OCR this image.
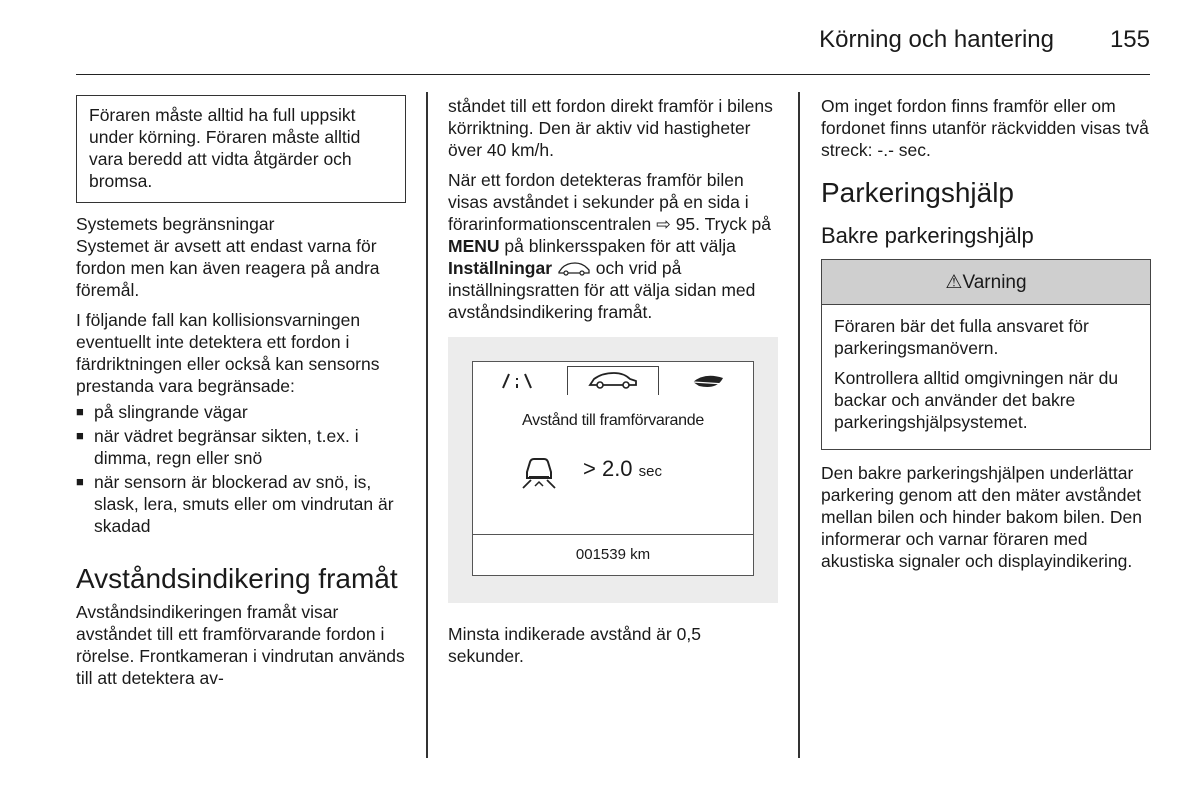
Körning och hantering 155

Föraren måste alltid ha full uppsikt under körning. Föraren måste alltid vara beredd att vidta åtgärder och bromsa.

Systemets begränsningar

Systemet är avsett att endast varna för fordon men kan även reagera på andra föremål.

I följande fall kan kollisionsvarningen eventuellt inte detektera ett fordon i färdriktningen eller också kan sensorns prestanda vara begränsade:

■ på slingrande vägar
■ när vädret begränsar sikten, t.ex. i dimma, regn eller snö
■ när sensorn är blockerad av snö, is, slask, lera, smuts eller om vindrutan är skadad
Avståndsindikering framåt

Avståndsindikeringen framåt visar avståndet till ett framförvarande fordon i rörelse. Frontkameran i vindrutan används till att detektera av-

ståndet till ett fordon direkt framför i bilens körriktning. Den är aktiv vid hastigheter över 40 km/h.

När ett fordon detekteras framför bilen visas avståndet i sekunder på en sida i förarinformationscentralen ⇨ 95. Tryck på MENU på blinkersspaken för att välja Inställningar  och vrid på inställningsratten för att välja sidan med avståndsindikering framåt.

Avstånd till framförvarande
> 2.0 sec
001539 km

Minsta indikerade avstånd är 0,5 sekunder.

Om inget fordon finns framför eller om fordonet finns utanför räckvidden visas två streck: -.- sec.

Parkeringshjälp
Bakre parkeringshjälp
⚠Varning

Föraren bär det fulla ansvaret för parkeringsmanövern.

Kontrollera alltid omgivningen när du backar och använder det bakre parkeringshjälpsystemet.

Den bakre parkeringshjälpen underlättar parkering genom att den mäter avståndet mellan bilen och hinder bakom bilen. Den informerar och varnar föraren med akustiska signaler och displayindikering.
